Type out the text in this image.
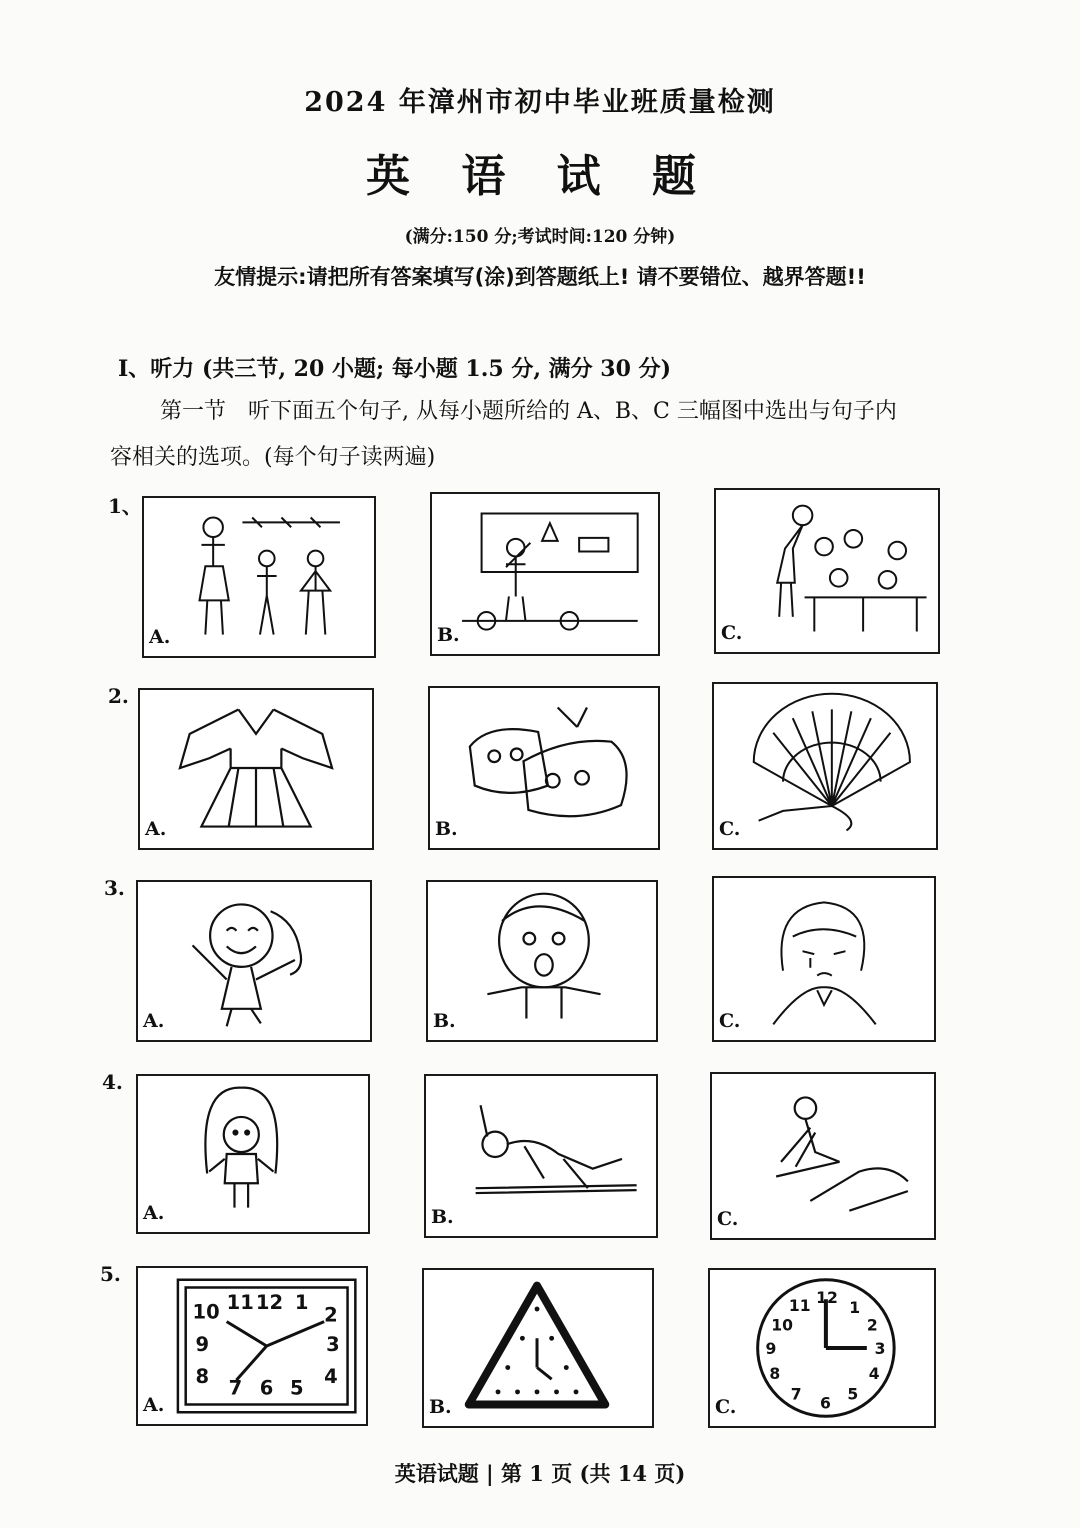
2024 年漳州市初中毕业班质量检测
英 语 试 题
(满分:150 分;考试时间:120 分钟)
友情提示:请把所有答案填写(涂)到答题纸上! 请不要错位、越界答题!!
Ⅰ、听力 (共三节, 20 小题; 每小题 1.5 分, 满分 30 分)
第一节　听下面五个句子, 从每小题所给的 A、B、C 三幅图中选出与句子内
容相关的选项。(每个句子读两遍)
1、
A.	B.	C.
2.
A.	B.	C.
3.
A.	B.	C.
4.
A.	B.	C.
5.
10 11 12 1
2
9	3
8
7 6 5
4
A.	B.
10
11 12
1
2
9	3
8
7 6 5
4
C.
英语试题 | 第 1 页 (共 14 页)
